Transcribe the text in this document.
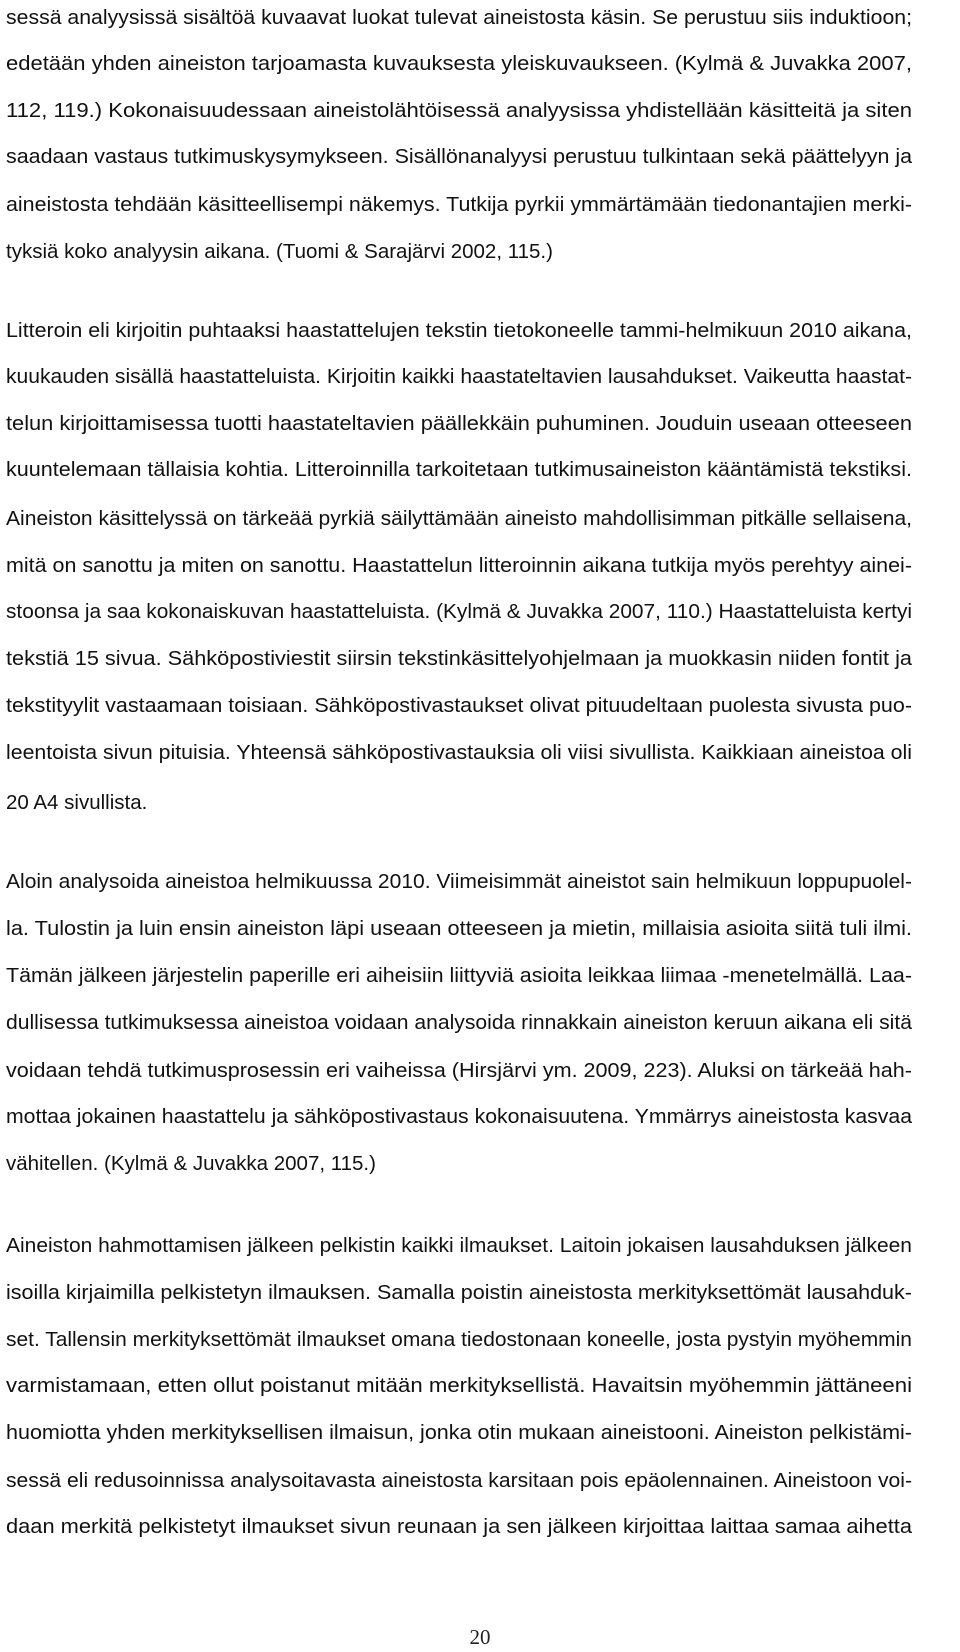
sessä analyysissä sisältöä kuvaavat luokat tulevat aineistosta käsin. Se perustuu siis induktioon;
edetään yhden aineiston tarjoamasta kuvauksesta yleiskuvaukseen. (Kylmä & Juvakka 2007,
112, 119.) Kokonaisuudessaan aineistolähtöisessä analyysissa yhdistellään käsitteitä ja siten
saadaan vastaus tutkimuskysymykseen. Sisällönanalyysi perustuu tulkintaan sekä päättelyyn ja
aineistosta tehdään käsitteellisempi näkemys. Tutkija pyrkii ymmärtämään tiedonantajien merki-
tyksiä koko analyysin aikana. (Tuomi & Sarajärvi 2002, 115.)
Litteroin eli kirjoitin puhtaaksi haastattelujen tekstin tietokoneelle tammi-helmikuun 2010 aikana,
kuukauden sisällä haastatteluista. Kirjoitin kaikki haastateltavien lausahdukset. Vaikeutta haastat-
telun kirjoittamisessa tuotti haastateltavien päällekkäin puhuminen. Jouduin useaan otteeseen
kuuntelemaan tällaisia kohtia. Litteroinnilla tarkoitetaan tutkimusaineiston kääntämistä tekstiksi.
Aineiston käsittelyssä on tärkeää pyrkiä säilyttämään aineisto mahdollisimman pitkälle sellaisena,
mitä on sanottu ja miten on sanottu. Haastattelun litteroinnin aikana tutkija myös perehtyy ainei-
stoonsa ja saa kokonaiskuvan haastatteluista. (Kylmä & Juvakka 2007, 110.) Haastatteluista kertyi
tekstiä 15 sivua. Sähköpostiviestit siirsin tekstinkäsittelyohjelmaan ja muokkasin niiden fontit ja
tekstityylit vastaamaan toisiaan. Sähköpostivastaukset olivat pituudeltaan puolesta sivusta puo-
leentoista sivun pituisia. Yhteensä sähköpostivastauksia oli viisi sivullista. Kaikkiaan aineistoa oli
20 A4 sivullista.
Aloin analysoida aineistoa helmikuussa 2010. Viimeisimmät aineistot sain helmikuun loppupuolel-
la. Tulostin ja luin ensin aineiston läpi useaan otteeseen ja mietin, millaisia asioita siitä tuli ilmi.
Tämän jälkeen järjestelin paperille eri aiheisiin liittyviä asioita leikkaa liimaa -menetelmällä. Laa-
dullisessa tutkimuksessa aineistoa voidaan analysoida rinnakkain aineiston keruun aikana eli sitä
voidaan tehdä tutkimusprosessin eri vaiheissa (Hirsjärvi ym. 2009, 223). Aluksi on tärkeää hah-
mottaa jokainen haastattelu ja sähköpostivastaus kokonaisuutena. Ymmärrys aineistosta kasvaa
vähitellen. (Kylmä & Juvakka 2007, 115.)
Aineiston hahmottamisen jälkeen pelkistin kaikki ilmaukset. Laitoin jokaisen lausahduksen jälkeen
isoilla kirjaimilla pelkistetyn ilmauksen. Samalla poistin aineistosta merkityksettömät lausahduk-
set. Tallensin merkityksettömät ilmaukset omana tiedostonaan koneelle, josta pystyin myöhemmin
varmistamaan, etten ollut poistanut mitään merkityksellistä. Havaitsin myöhemmin jättäneeni
huomiotta yhden merkityksellisen ilmaisun, jonka otin mukaan aineistooni. Aineiston pelkistämi-
sessä eli redusoinnissa analysoitavasta aineistosta karsitaan pois epäolennainen. Aineistoon voi-
daan merkitä pelkistetyt ilmaukset sivun reunaan ja sen jälkeen kirjoittaa laittaa samaa aihetta
20
